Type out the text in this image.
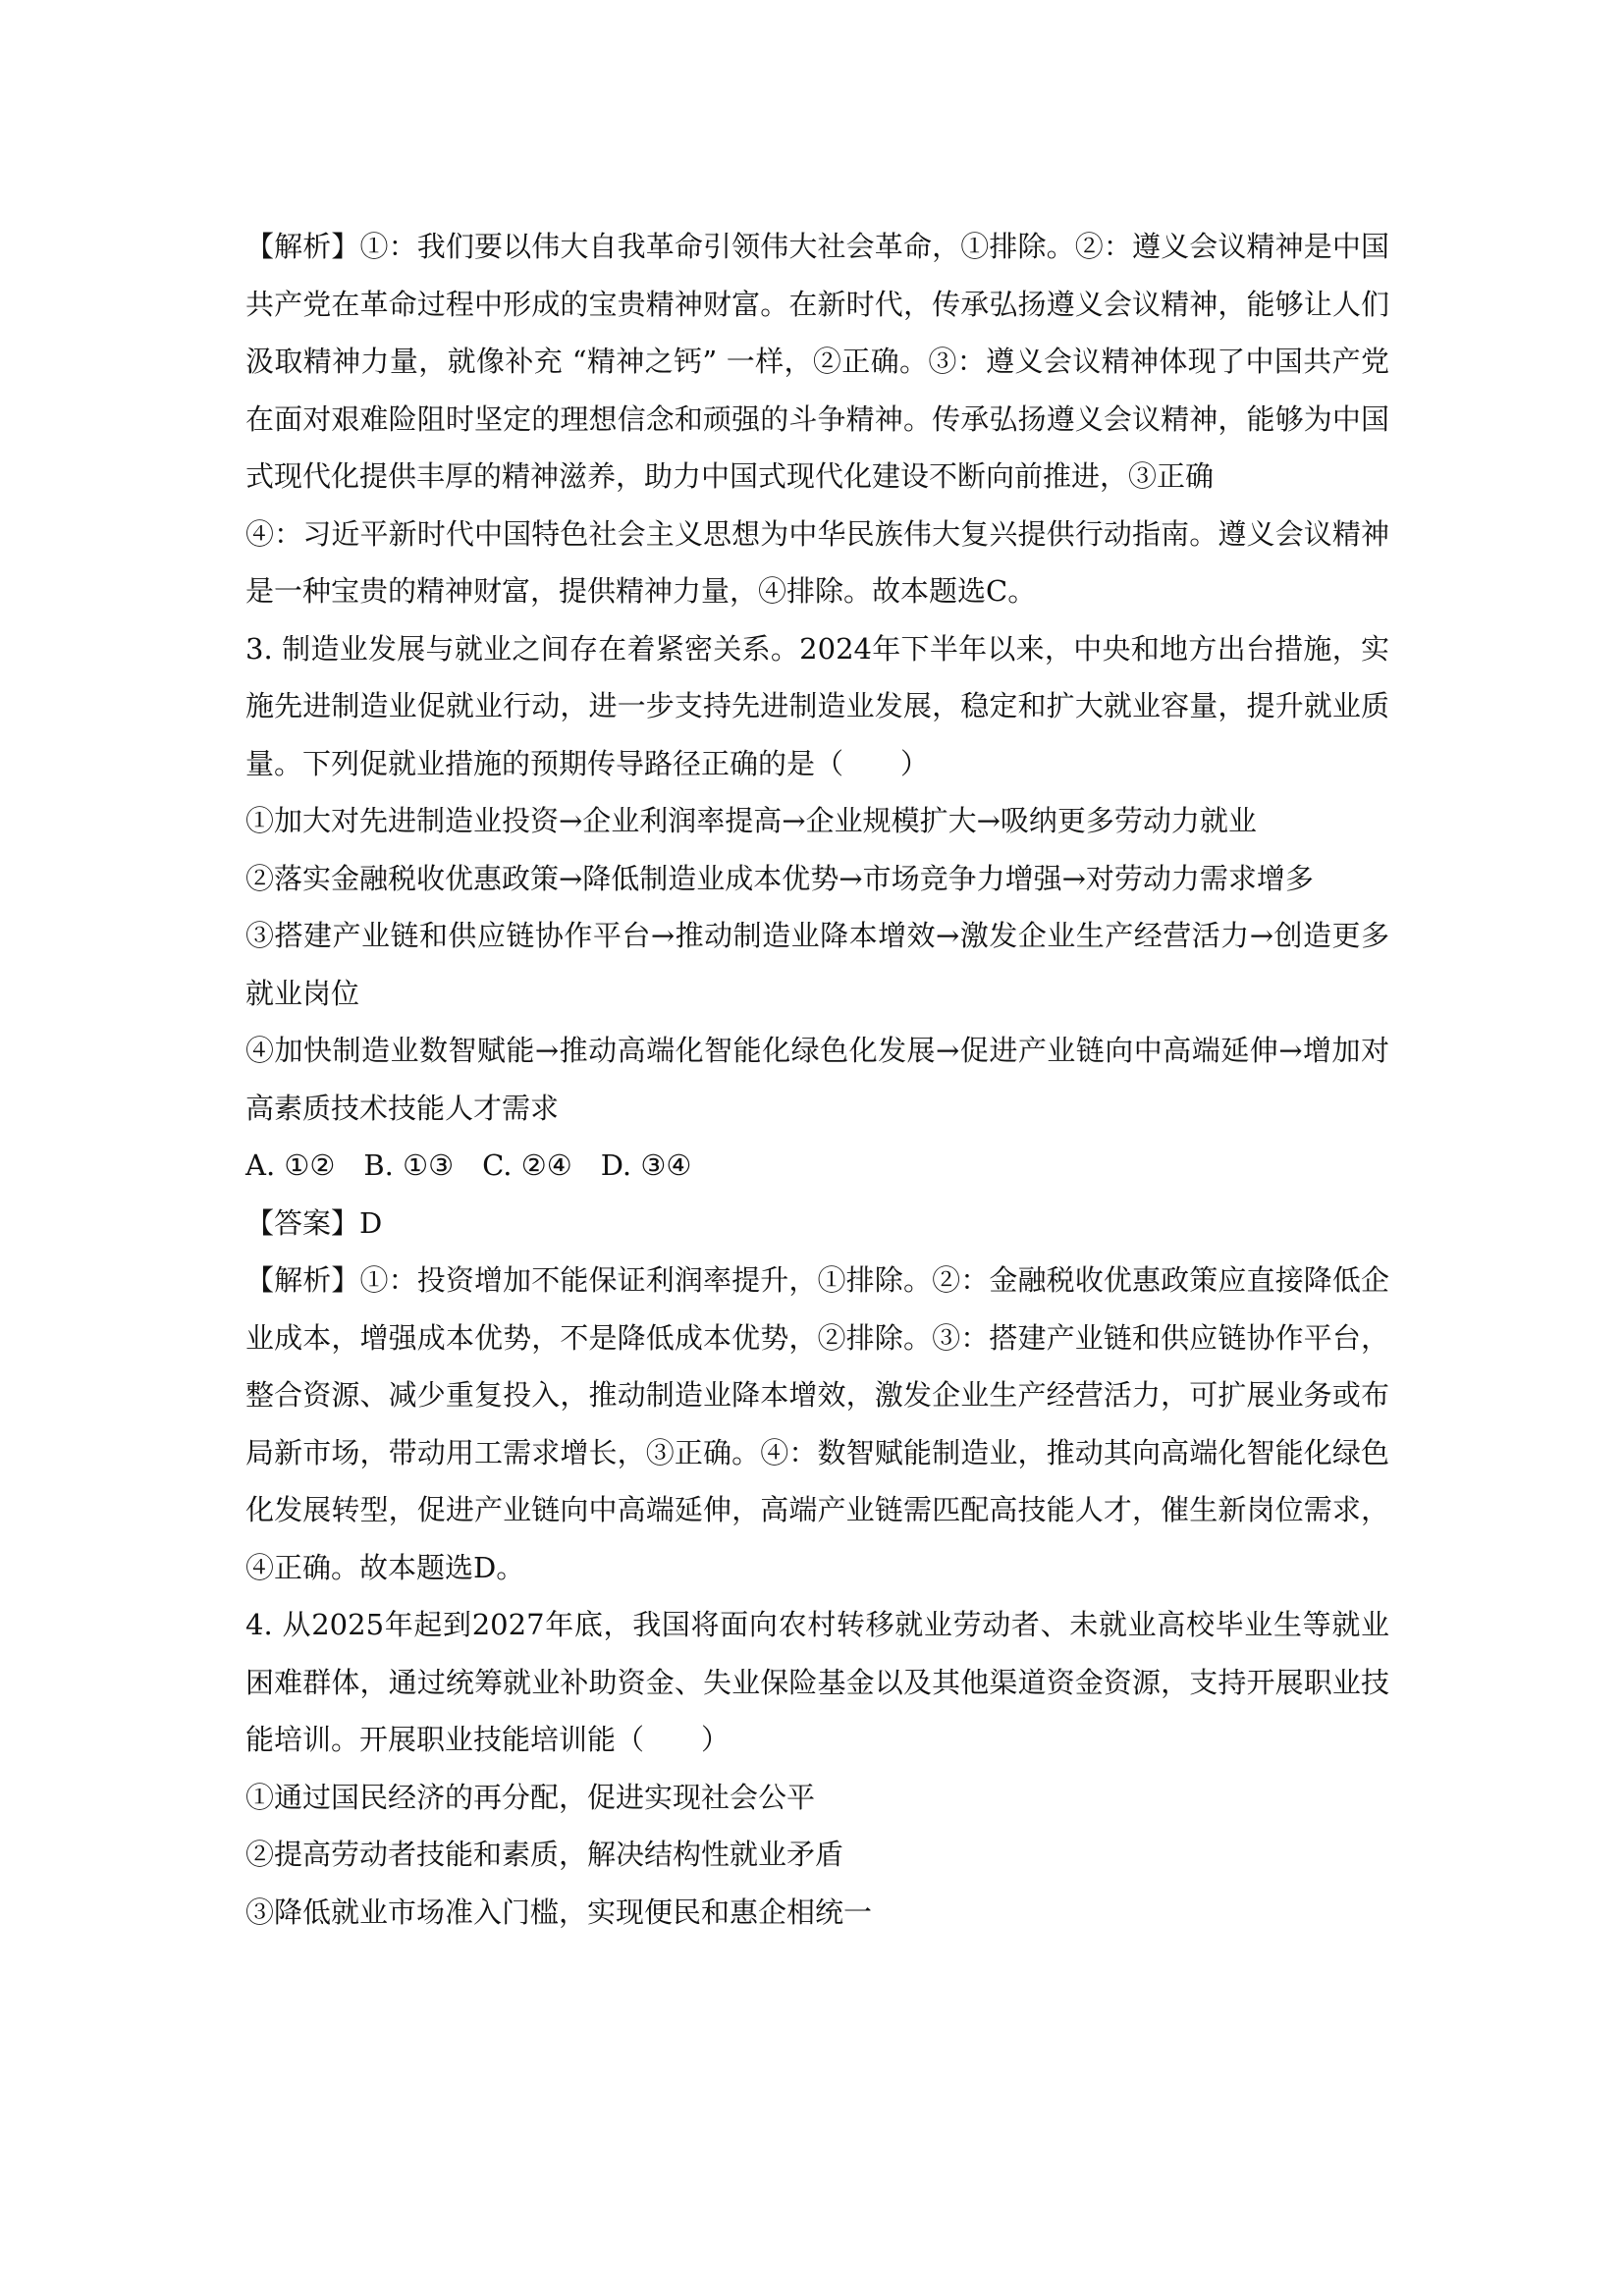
【解析】①：我们要以伟大自我革命引领伟大社会革命，①排除。②：遵义会议精神是中国共产党在革命过程中形成的宝贵精神财富。在新时代，传承弘扬遵义会议精神，能够让人们汲取精神力量，就像补充 “精神之钙” 一样，②正确。③：遵义会议精神体现了中国共产党在面对艰难险阻时坚定的理想信念和顽强的斗争精神。传承弘扬遵义会议精神，能够为中国式现代化提供丰厚的精神滋养，助力中国式现代化建设不断向前推进，③正确

④：习近平新时代中国特色社会主义思想为中华民族伟大复兴提供行动指南。遵义会议精神是一种宝贵的精神财富，提供精神力量，④排除。故本题选C。

3. 制造业发展与就业之间存在着紧密关系。2024年下半年以来，中央和地方出台措施，实施先进制造业促就业行动，进一步支持先进制造业发展，稳定和扩大就业容量，提升就业质量。下列促就业措施的预期传导路径正确的是（　　）

①加大对先进制造业投资→企业利润率提高→企业规模扩大→吸纳更多劳动力就业

②落实金融税收优惠政策→降低制造业成本优势→市场竞争力增强→对劳动力需求增多

③搭建产业链和供应链协作平台→推动制造业降本增效→激发企业生产经营活力→创造更多就业岗位

④加快制造业数智赋能→推动高端化智能化绿色化发展→促进产业链向中高端延伸→增加对高素质技术技能人才需求

A. ①②　B. ①③　C. ②④　D. ③④

【答案】D

【解析】①：投资增加不能保证利润率提升，①排除。②：金融税收优惠政策应直接降低企业成本，增强成本优势，不是降低成本优势，②排除。③：搭建产业链和供应链协作平台，整合资源、减少重复投入，推动制造业降本增效，激发企业生产经营活力，可扩展业务或布局新市场，带动用工需求增长，③正确。④：数智赋能制造业，推动其向高端化智能化绿色化发展转型，促进产业链向中高端延伸，高端产业链需匹配高技能人才，催生新岗位需求，④正确。故本题选D。

4. 从2025年起到2027年底，我国将面向农村转移就业劳动者、未就业高校毕业生等就业困难群体，通过统筹就业补助资金、失业保险基金以及其他渠道资金资源，支持开展职业技能培训。开展职业技能培训能（　　）

①通过国民经济的再分配，促进实现社会公平

②提高劳动者技能和素质，解决结构性就业矛盾

③降低就业市场准入门槛，实现便民和惠企相统一
